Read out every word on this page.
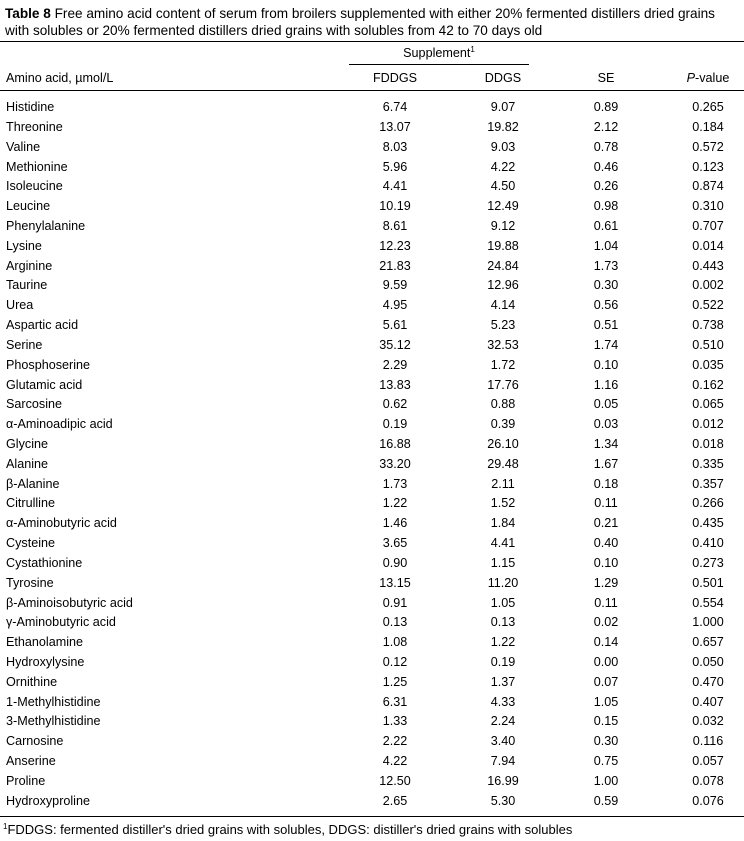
Table 8 Free amino acid content of serum from broilers supplemented with either 20% fermented distillers dried grains with solubles or 20% fermented distillers dried grains with solubles from 42 to 70 days old
Supplement$^1$
Amino acid, µmol/L	FDDGS	DDGS	SE	P-value
Histidine	6.74	9.07	0.89	0.265
Threonine	13.07	19.82	2.12	0.184
Valine	8.03	9.03	0.78	0.572
Methionine	5.96	4.22	0.46	0.123
Isoleucine	4.41	4.50	0.26	0.874
Leucine	10.19	12.49	0.98	0.310
Phenylalanine	8.61	9.12	0.61	0.707
Lysine	12.23	19.88	1.04	0.014
Arginine	21.83	24.84	1.73	0.443
Taurine	9.59	12.96	0.30	0.002
Urea	4.95	4.14	0.56	0.522
Aspartic acid	5.61	5.23	0.51	0.738
Serine	35.12	32.53	1.74	0.510
Phosphoserine	2.29	1.72	0.10	0.035
Glutamic acid	13.83	17.76	1.16	0.162
Sarcosine	0.62	0.88	0.05	0.065
α-Aminoadipic acid	0.19	0.39	0.03	0.012
Glycine	16.88	26.10	1.34	0.018
Alanine	33.20	29.48	1.67	0.335
β-Alanine	1.73	2.11	0.18	0.357
Citrulline	1.22	1.52	0.11	0.266
α-Aminobutyric acid	1.46	1.84	0.21	0.435
Cysteine	3.65	4.41	0.40	0.410
Cystathionine	0.90	1.15	0.10	0.273
Tyrosine	13.15	11.20	1.29	0.501
β-Aminoisobutyric acid	0.91	1.05	0.11	0.554
γ-Aminobutyric acid	0.13	0.13	0.02	1.000
Ethanolamine	1.08	1.22	0.14	0.657
Hydroxylysine	0.12	0.19	0.00	0.050
Ornithine	1.25	1.37	0.07	0.470
1-Methylhistidine	6.31	4.33	1.05	0.407
3-Methylhistidine	1.33	2.24	0.15	0.032
Carnosine	2.22	3.40	0.30	0.116
Anserine	4.22	7.94	0.75	0.057
Proline	12.50	16.99	1.00	0.078
Hydroxyproline	2.65	5.30	0.59	0.076
$^1$FDDGS: fermented distiller's dried grains with solubles, DDGS: distiller's dried grains with solubles
